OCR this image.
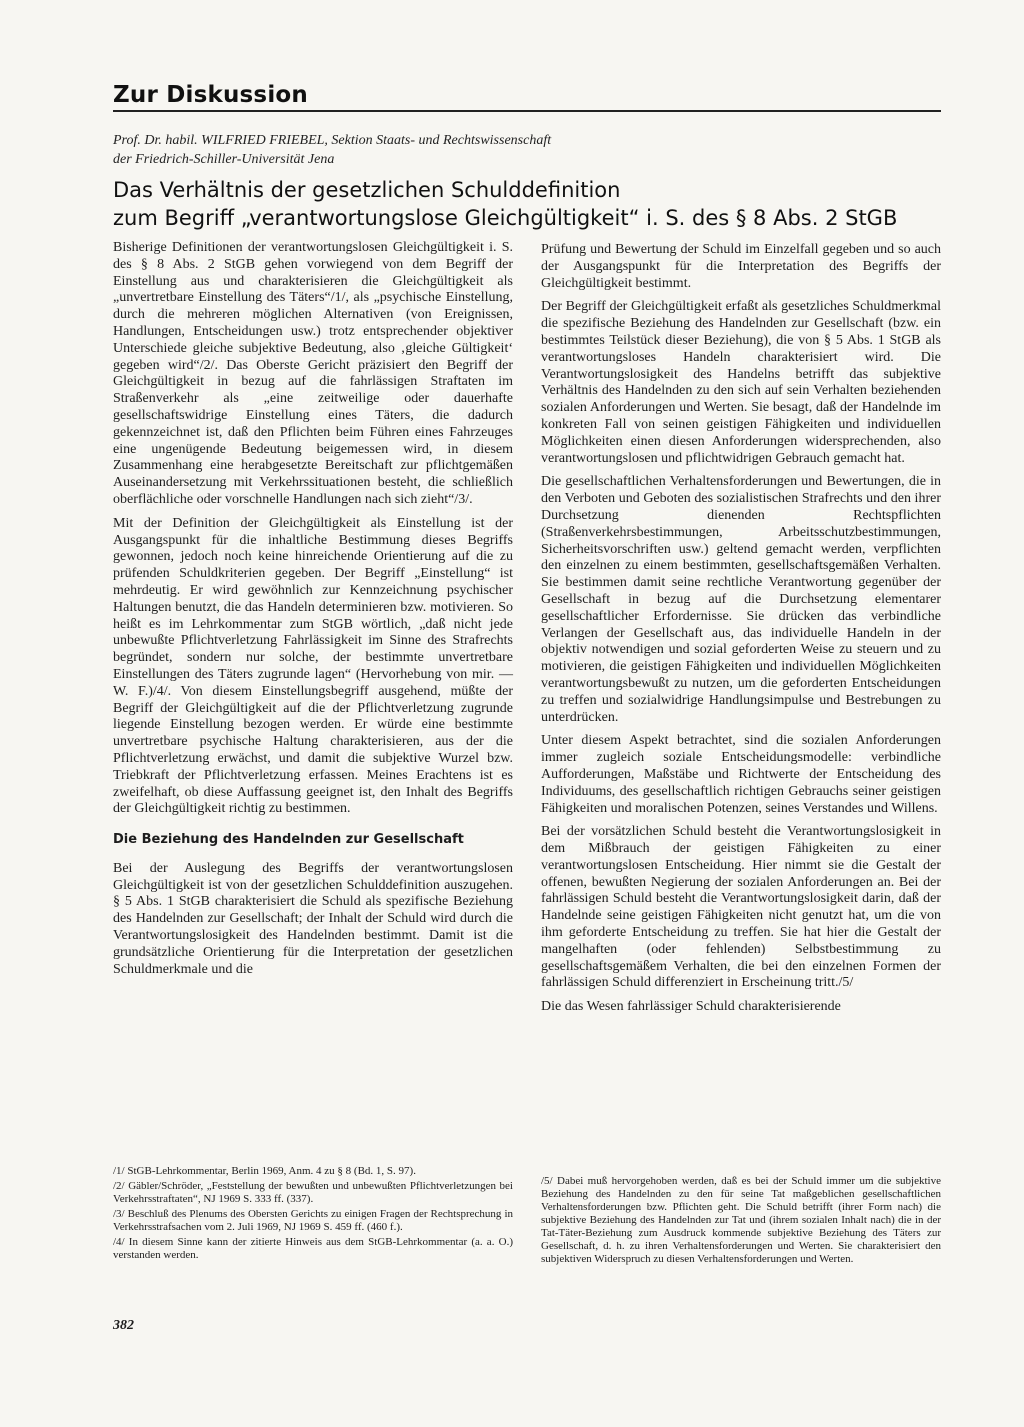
Zur Diskussion
Prof. Dr. habil. WILFRIED FRIEBEL, Sektion Staats- und Rechtswissenschaft
der Friedrich-Schiller-Universität Jena
Das Verhältnis der gesetzlichen Schulddefinition
zum Begriff „verantwortungslose Gleichgültigkeit“ i. S. des § 8 Abs. 2 StGB

Bisherige Definitionen der verantwortungslosen Gleichgültigkeit i. S. des § 8 Abs. 2 StGB gehen vorwiegend von dem Begriff der Einstellung aus und charakterisieren die Gleichgültigkeit als „unvertretbare Einstellung des Täters“/1/, als „psychische Einstellung, durch die mehreren möglichen Alternativen (von Ereignissen, Handlungen, Entscheidungen usw.) trotz entsprechender objektiver Unterschiede gleiche subjektive Bedeutung, also ‚gleiche Gültigkeit‘ gegeben wird“/2/. Das Oberste Gericht präzisiert den Begriff der Gleichgültigkeit in bezug auf die fahrlässigen Straftaten im Straßenverkehr als „eine zeitweilige oder dauerhafte gesellschaftswidrige Einstellung eines Täters, die dadurch gekennzeichnet ist, daß den Pflichten beim Führen eines Fahrzeuges eine ungenügende Bedeutung beigemessen wird, in diesem Zusammenhang eine herabgesetzte Bereitschaft zur pflichtgemäßen Auseinandersetzung mit Verkehrssituationen besteht, die schließlich oberflächliche oder vorschnelle Handlungen nach sich zieht“/3/.

Mit der Definition der Gleichgültigkeit als Einstellung ist der Ausgangspunkt für die inhaltliche Bestimmung dieses Begriffs gewonnen, jedoch noch keine hinreichende Orientierung auf die zu prüfenden Schuldkriterien gegeben. Der Begriff „Einstellung“ ist mehrdeutig. Er wird gewöhnlich zur Kennzeichnung psychischer Haltungen benutzt, die das Handeln determinieren bzw. motivieren. So heißt es im Lehrkommentar zum StGB wörtlich, „daß nicht jede unbewußte Pflichtverletzung Fahrlässigkeit im Sinne des Strafrechts begründet, sondern nur solche, der bestimmte unvertretbare Einstellungen des Täters zugrunde lagen“ (Hervorhebung von mir. — W. F.)/4/. Von diesem Einstellungsbegriff ausgehend, müßte der Begriff der Gleichgültigkeit auf die der Pflichtverletzung zugrunde liegende Einstellung bezogen werden. Er würde eine bestimmte unvertretbare psychische Haltung charakterisieren, aus der die Pflichtverletzung erwächst, und damit die subjektive Wurzel bzw. Triebkraft der Pflichtverletzung erfassen. Meines Erachtens ist es zweifelhaft, ob diese Auffassung geeignet ist, den Inhalt des Begriffs der Gleichgültigkeit richtig zu bestimmen.

Die Beziehung des Handelnden zur Gesellschaft

Bei der Auslegung des Begriffs der verantwortungslosen Gleichgültigkeit ist von der gesetzlichen Schulddefinition auszugehen. § 5 Abs. 1 StGB charakterisiert die Schuld als spezifische Beziehung des Handelnden zur Gesellschaft; der Inhalt der Schuld wird durch die Verantwortungslosigkeit des Handelnden bestimmt. Damit ist die grundsätzliche Orientierung für die Interpretation der gesetzlichen Schuldmerkmale und die

Prüfung und Bewertung der Schuld im Einzelfall gegeben und so auch der Ausgangspunkt für die Interpretation des Begriffs der Gleichgültigkeit bestimmt.

Der Begriff der Gleichgültigkeit erfaßt als gesetzliches Schuldmerkmal die spezifische Beziehung des Handelnden zur Gesellschaft (bzw. ein bestimmtes Teilstück dieser Beziehung), die von § 5 Abs. 1 StGB als verantwortungsloses Handeln charakterisiert wird. Die Verantwortungslosigkeit des Handelns betrifft das subjektive Verhältnis des Handelnden zu den sich auf sein Verhalten beziehenden sozialen Anforderungen und Werten. Sie besagt, daß der Handelnde im konkreten Fall von seinen geistigen Fähigkeiten und individuellen Möglichkeiten einen diesen Anforderungen widersprechenden, also verantwortungslosen und pflichtwidrigen Gebrauch gemacht hat.

Die gesellschaftlichen Verhaltensforderungen und Bewertungen, die in den Verboten und Geboten des sozialistischen Strafrechts und den ihrer Durchsetzung dienenden Rechtspflichten (Straßenverkehrsbestimmungen, Arbeitsschutzbestimmungen, Sicherheitsvorschriften usw.) geltend gemacht werden, verpflichten den einzelnen zu einem bestimmten, gesellschaftsgemäßen Verhalten. Sie bestimmen damit seine rechtliche Verantwortung gegenüber der Gesellschaft in bezug auf die Durchsetzung elementarer gesellschaftlicher Erfordernisse. Sie drücken das verbindliche Verlangen der Gesellschaft aus, das individuelle Handeln in der objektiv notwendigen und sozial geforderten Weise zu steuern und zu motivieren, die geistigen Fähigkeiten und individuellen Möglichkeiten verantwortungsbewußt zu nutzen, um die geforderten Entscheidungen zu treffen und sozialwidrige Handlungsimpulse und Bestrebungen zu unterdrücken.

Unter diesem Aspekt betrachtet, sind die sozialen Anforderungen immer zugleich soziale Entscheidungsmodelle: verbindliche Aufforderungen, Maßstäbe und Richtwerte der Entscheidung des Individuums, des gesellschaftlich richtigen Gebrauchs seiner geistigen Fähigkeiten und moralischen Potenzen, seines Verstandes und Willens.

Bei der vorsätzlichen Schuld besteht die Verantwortungslosigkeit in dem Mißbrauch der geistigen Fähigkeiten zu einer verantwortungslosen Entscheidung. Hier nimmt sie die Gestalt der offenen, bewußten Negierung der sozialen Anforderungen an. Bei der fahrlässigen Schuld besteht die Verantwortungslosigkeit darin, daß der Handelnde seine geistigen Fähigkeiten nicht genutzt hat, um die von ihm geforderte Entscheidung zu treffen. Sie hat hier die Gestalt der mangelhaften (oder fehlenden) Selbstbestimmung zu gesellschaftsgemäßem Verhalten, die bei den einzelnen Formen der fahrlässigen Schuld differenziert in Erscheinung tritt./5/

Die das Wesen fahrlässiger Schuld charakterisierende

/1/ StGB-Lehrkommentar, Berlin 1969, Anm. 4 zu § 8 (Bd. 1, S. 97).

/2/ Gäbler/Schröder, „Feststellung der bewußten und unbewußten Pflichtverletzungen bei Verkehrsstraftaten“, NJ 1969 S. 333 ff. (337).

/3/ Beschluß des Plenums des Obersten Gerichts zu einigen Fragen der Rechtsprechung in Verkehrsstrafsachen vom 2. Juli 1969, NJ 1969 S. 459 ff. (460 f.).

/4/ In diesem Sinne kann der zitierte Hinweis aus dem StGB-Lehrkommentar (a. a. O.) verstanden werden.

/5/ Dabei muß hervorgehoben werden, daß es bei der Schuld immer um die subjektive Beziehung des Handelnden zu den für seine Tat maßgeblichen gesellschaftlichen Verhaltensforderungen bzw. Pflichten geht. Die Schuld betrifft (ihrer Form nach) die subjektive Beziehung des Handelnden zur Tat und (ihrem sozialen Inhalt nach) die in der Tat-Täter-Beziehung zum Ausdruck kommende subjektive Beziehung des Täters zur Gesellschaft, d. h. zu ihren Verhaltensforderungen und Werten. Sie charakterisiert den subjektiven Widerspruch zu diesen Verhaltensforderungen und Werten.

382
